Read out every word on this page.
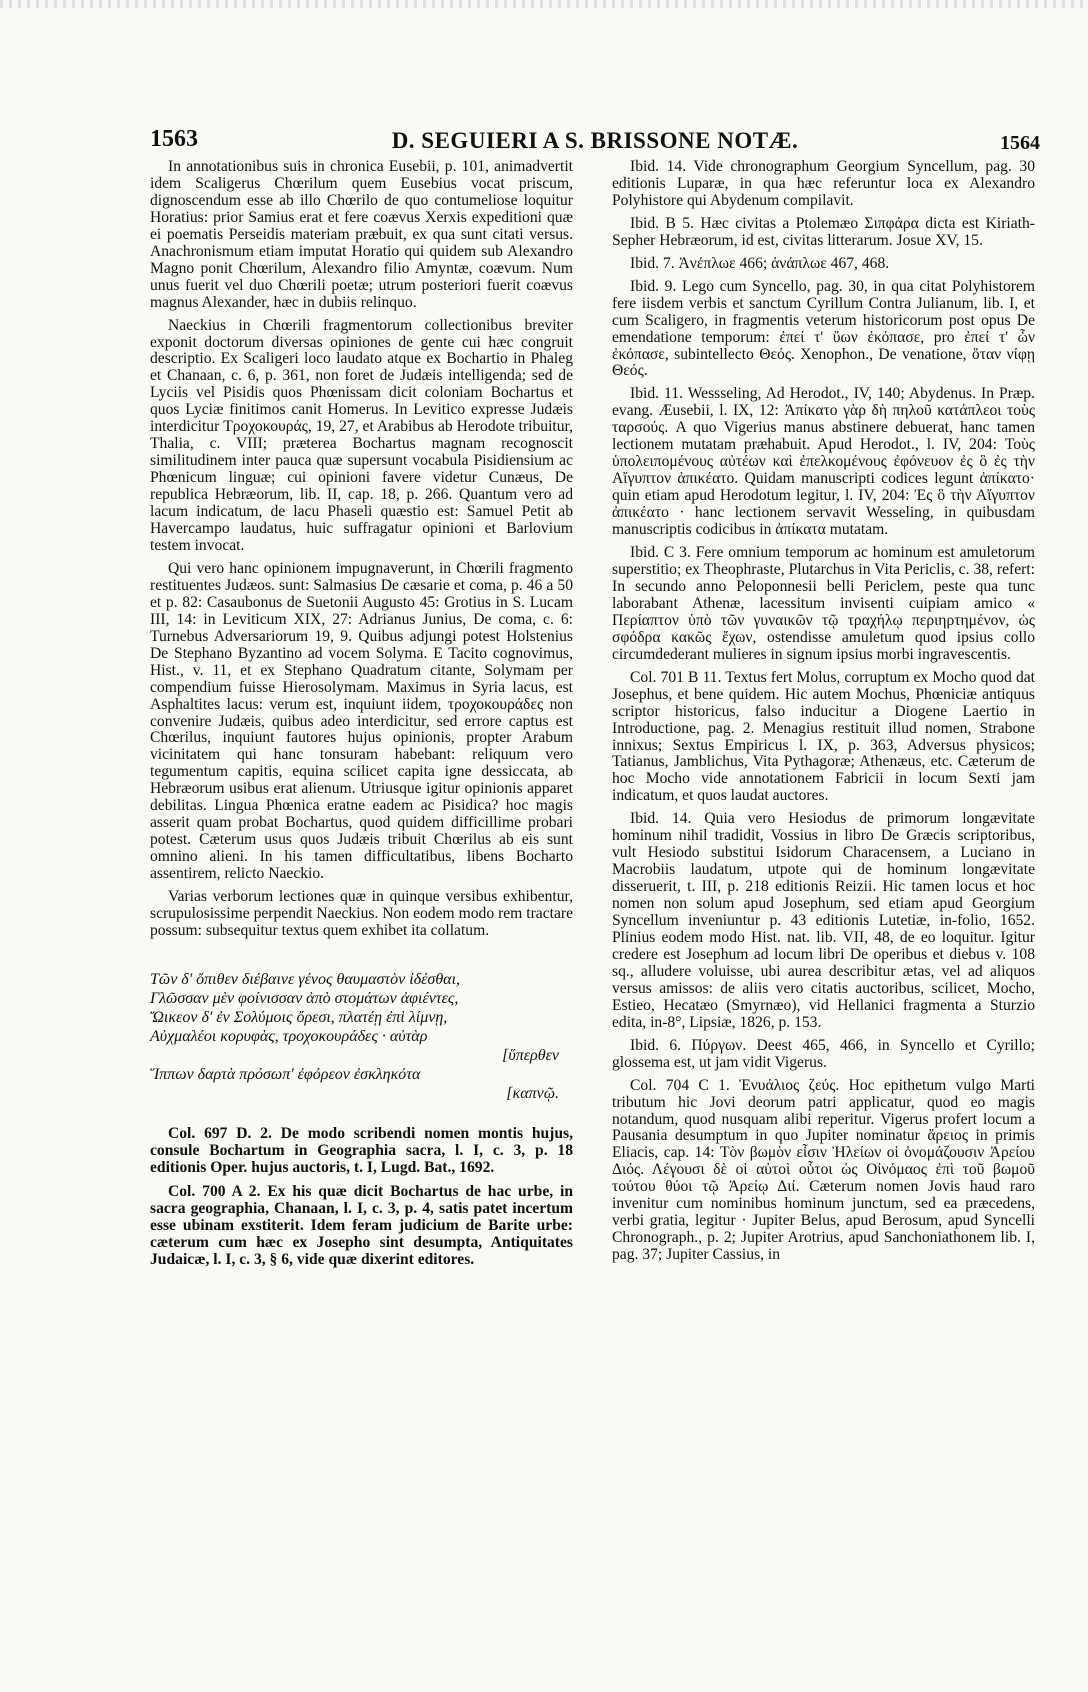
1563	D. SEGUIERI A S. BRISSONE NOTÆ.	1564

In annotationibus suis in chronica Eusebii, p. 101, animadvertit idem Scaligerus Chœrilum quem Eusebius vocat priscum, dignoscendum esse ab illo Chœrilo de quo contumeliose loquitur Horatius: prior Samius erat et fere coævus Xerxis expeditioni quæ ei poematis Perseidis materiam præbuit, ex qua sunt citati versus. Anachronismum etiam imputat Horatio qui quidem sub Alexandro Magno ponit Chœrilum, Alexandro filio Amyntæ, coævum. Num unus fuerit vel duo Chœrili poetæ; utrum posteriori fuerit coævus magnus Alexander, hæc in dubiis relinquo.

Naeckius in Chœrili fragmentorum collectionibus breviter exponit doctorum diversas opiniones de gente cui hæc congruit descriptio. Ex Scaligeri loco laudato atque ex Bochartio in Phaleg et Chanaan, c. 6, p. 361, non foret de Judæis intelligenda; sed de Lyciis vel Pisidis quos Phœnissam dicit coloniam Bochartus et quos Lyciæ finitimos canit Homerus. In Levitico expresse Judæis interdicitur Τροχοκουράς, 19, 27, et Arabibus ab Herodote tribuitur, Thalia, c. VIII; præterea Bochartus magnam recognoscit similitudinem inter pauca quæ supersunt vocabula Pisidiensium ac Phœnicum linguæ; cui opinioni favere videtur Cunæus, De republica Hebræorum, lib. II, cap. 18, p. 266. Quantum vero ad lacum indicatum, de lacu Phaseli quæstio est: Samuel Petit ab Havercampo laudatus, huic suffragatur opinioni et Barlovium testem invocat.

Qui vero hanc opinionem impugnaverunt, in Chœrili fragmento restituentes Judæos. sunt: Salmasius De cæsarie et coma, p. 46 a 50 et p. 82: Casaubonus de Suetonii Augusto 45: Grotius in S. Lucam III, 14: in Leviticum XIX, 27: Adrianus Junius, De coma, c. 6: Turnebus Adversariorum 19, 9. Quibus adjungi potest Holstenius De Stephano Byzantino ad vocem Solyma. E Tacito cognovimus, Hist., v. 11, et ex Stephano Quadratum citante, Solymam per compendium fuisse Hierosolymam. Maximus in Syria lacus, est Asphaltites lacus: verum est, inquiunt iidem, τροχοκουράδες non convenire Judæis, quibus adeo interdicitur, sed errore captus est Chœrilus, inquiunt fautores hujus opinionis, propter Arabum vicinitatem qui hanc tonsuram habebant: reliquum vero tegumentum capitis, equina scilicet capita igne dessiccata, ab Hebræorum usibus erat alienum. Utriusque igitur opinionis apparet debilitas. Lingua Phœnica eratne eadem ac Pisidica? hoc magis asserit quam probat Bochartus, quod quidem difficillime probari potest. Cæterum usus quos Judæis tribuit Chœrilus ab eis sunt omnino alieni. In his tamen difficultatibus, libens Bocharto assentirem, relicto Naeckio.

Varias verborum lectiones quæ in quinque versibus exhibentur, scrupulosissime perpendit Naeckius. Non eodem modo rem tractare possum: subsequitur textus quem exhibet ita collatum.

Τῶν δ' ὄπιθεν διέβαινε γένος θαυμαστὸν ἰδέσθαι,
Γλῶσσαν μὲν φοίνισσαν ἀπὸ στομάτων ἀφιέντες,
Ὤικεον δ' ἐν Σολύμοις ὄρεσι, πλατέῃ ἐπὶ λίμνῃ,
Αὐχμαλέοι κορυφὰς, τροχοκουράδες · αὐτὰρ
[ὕπερθεν
Ἵππων δαρτὰ πρόσωπ' ἐφόρεον ἐσκληκότα
[καπνῷ.

Col. 697 D. 2. De modo scribendi nomen montis hujus, consule Bochartum in Geographia sacra, l. I, c. 3, p. 18 editionis Oper. hujus auctoris, t. I, Lugd. Bat., 1692.

Col. 700 A 2. Ex his quæ dicit Bochartus de hac urbe, in sacra geographia, Chanaan, l. I, c. 3, p. 4, satis patet incertum esse ubinam exstiterit. Idem feram judicium de Barite urbe: cæterum cum hæc ex Josepho sint desumpta, Antiquitates Judaicæ, l. I, c. 3, § 6, vide quæ dixerint editores.

Ibid. 14. Vide chronographum Georgium Syncellum, pag. 30 editionis Luparæ, in qua hæc referuntur loca ex Alexandro Polyhistore qui Abydenum compilavit.

Ibid. B 5. Hæc civitas a Ptolemæo Σιπφάρα dicta est Kiriath-Sepher Hebræorum, id est, civitas litterarum. Josue XV, 15.

Ibid. 7. Ἀνέπλωε 466; ἀνάπλωε 467, 468.

Ibid. 9. Lego cum Syncello, pag. 30, in qua citat Polyhistorem fere iisdem verbis et sanctum Cyrillum Contra Julianum, lib. I, et cum Scaligero, in fragmentis veterum historicorum post opus De emendatione temporum: ἐπεί τ' ὕων ἐκόπασε, pro ἐπεί τ' ὧν ἐκόπασε, subintellecto Θεός. Xenophon., De venatione, ὅταν νίφῃ Θεός.

Ibid. 11. Wessseling, Ad Herodot., IV, 140; Abydenus. In Præp. evang. Æusebii, l. IX, 12: Ἀπίκατο γὰρ δὴ πηλοῦ κατάπλεοι τοὺς ταρσούς. A quo Vigerius manus abstinere debuerat, hanc tamen lectionem mutatam præhabuit. Apud Herodot., l. IV, 204: Τοὺς ὑπολειπομένους αὐτέων καὶ ἐπελκομένους ἐφόνευον ἐς ὃ ἐς τὴν Αἴγυπτον ἀπικέατο. Quidam manuscripti codices legunt ἀπίκατο· quin etiam apud Herodotum legitur, l. IV, 204: Ἐς ὃ τὴν Αἴγυπτον ἀπικέατο · hanc lectionem servavit Wesseling, in quibusdam manuscriptis codicibus in ἀπίκατα mutatam.

Ibid. C 3. Fere omnium temporum ac hominum est amuletorum superstitio; ex Theophraste, Plutarchus in Vita Periclis, c. 38, refert: In secundo anno Peloponnesii belli Periclem, peste qua tunc laborabant Athenæ, lacessitum invisenti cuipiam amico « Περίαπτον ὑπὸ τῶν γυναικῶν τῷ τραχήλῳ περιηρτημένον, ὡς σφόδρα κακῶς ἔχων, ostendisse amuletum quod ipsius collo circumdederant mulieres in signum ipsius morbi ingravescentis.

Col. 701 B 11. Textus fert Molus, corruptum ex Mocho quod dat Josephus, et bene quidem. Hic autem Mochus, Phœniciæ antiquus scriptor historicus, falso inducitur a Diogene Laertio in Introductione, pag. 2. Menagius restituit illud nomen, Strabone innixus; Sextus Empiricus l. IX, p. 363, Adversus physicos; Tatianus, Jamblichus, Vita Pythagoræ; Athenæus, etc. Cæterum de hoc Mocho vide annotationem Fabricii in locum Sexti jam indicatum, et quos laudat auctores.

Ibid. 14. Quia vero Hesiodus de primorum longævitate hominum nihil tradidit, Vossius in libro De Græcis scriptoribus, vult Hesiodo substitui Isidorum Characensem, a Luciano in Macrobiis laudatum, utpote qui de hominum longævitate disseruerit, t. III, p. 218 editionis Reizii. Hic tamen locus et hoc nomen non solum apud Josephum, sed etiam apud Georgium Syncellum inveniuntur p. 43 editionis Lutetiæ, in-folio, 1652. Plinius eodem modo Hist. nat. lib. VII, 48, de eo loquitur. Igitur credere est Josephum ad locum libri De operibus et diebus v. 108 sq., alludere voluisse, ubi aurea describitur ætas, vel ad aliquos versus amissos: de aliis vero citatis auctoribus, scilicet, Mocho, Estieo, Hecatæo (Smyrnæo), vid Hellanici fragmenta a Sturzio edita, in-8°, Lipsiæ, 1826, p. 153.

Ibid. 6. Πύργων. Deest 465, 466, in Syncello et Cyrillo; glossema est, ut jam vidit Vigerus.

Col. 704 C 1. Ἐνυάλιος ζεύς. Hoc epithetum vulgo Marti tributum hic Jovi deorum patri applicatur, quod eo magis notandum, quod nusquam alibi reperitur. Vigerus profert locum a Pausania desumptum in quo Jupiter nominatur ἄρειος in primis Eliacis, cap. 14: Τὸν βωμὸν εἶσιν Ἠλείων οἱ ὀνομάζουσιν Ἀρείου Διός. Λέγουσι δὲ οἱ αὐτοὶ οὗτοι ὡς Οἰνόμαος ἐπὶ τοῦ βωμοῦ τούτου θύοι τῷ Ἀρείῳ Διί. Cæterum nomen Jovis haud raro invenitur cum nominibus hominum junctum, sed ea præcedens, verbi gratia, legitur · Jupiter Belus, apud Berosum, apud Syncelli Chronograph., p. 2; Jupiter Arotrius, apud Sanchoniathonem lib. I, pag. 37; Jupiter Cassius, in
